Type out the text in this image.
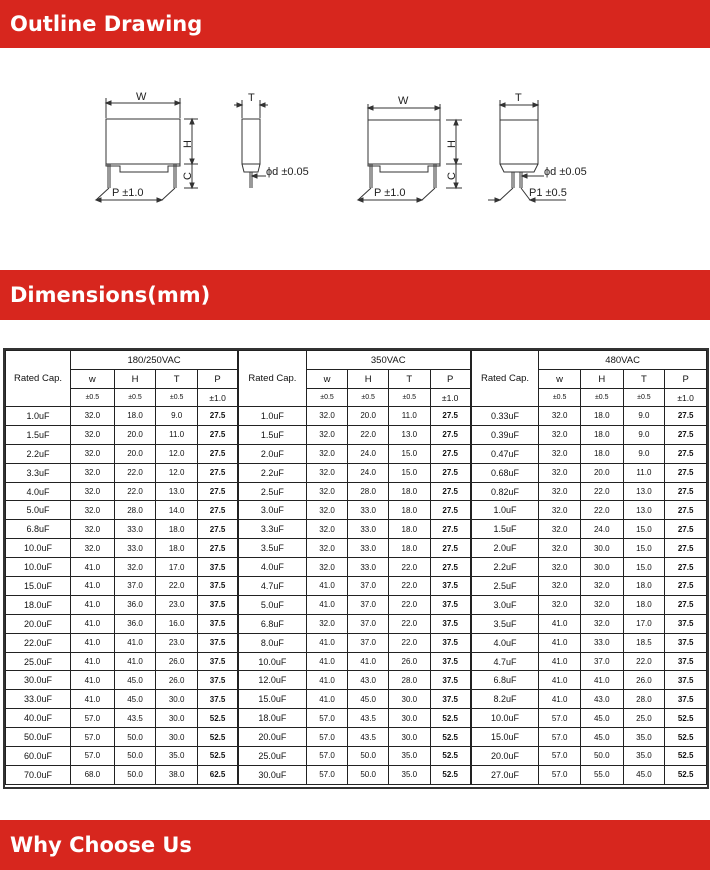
Outline Drawing
W
H
C
P ±1.0
T
ϕd ±0.05
W
H
C
P ±1.0
T
ϕd ±0.05
P1 ±0.5
Dimensions(mm)
Rated Cap.	180/250VAC				Rated Cap.	350VAC				Rated Cap.	480VAC			
	w	H	T	P		w	H	T	P		w	H	T	P
	±0.5	±0.5	±0.5	±1.0		±0.5	±0.5	±0.5	±1.0		±0.5	±0.5	±0.5	±1.0
1.0uF	32.0	18.0	9.0	27.5	1.0uF	32.0	20.0	11.0	27.5	0.33uF	32.0	18.0	9.0	27.5
1.5uF	32.0	20.0	11.0	27.5	1.5uF	32.0	22.0	13.0	27.5	0.39uF	32.0	18.0	9.0	27.5
2.2uF	32.0	20.0	12.0	27.5	2.0uF	32.0	24.0	15.0	27.5	0.47uF	32.0	18.0	9.0	27.5
3.3uF	32.0	22.0	12.0	27.5	2.2uF	32.0	24.0	15.0	27.5	0.68uF	32.0	20.0	11.0	27.5
4.0uF	32.0	22.0	13.0	27.5	2.5uF	32.0	28.0	18.0	27.5	0.82uF	32.0	22.0	13.0	27.5
5.0uF	32.0	28.0	14.0	27.5	3.0uF	32.0	33.0	18.0	27.5	1.0uF	32.0	22.0	13.0	27.5
6.8uF	32.0	33.0	18.0	27.5	3.3uF	32.0	33.0	18.0	27.5	1.5uF	32.0	24.0	15.0	27.5
10.0uF	32.0	33.0	18.0	27.5	3.5uF	32.0	33.0	18.0	27.5	2.0uF	32.0	30.0	15.0	27.5
10.0uF	41.0	32.0	17.0	37.5	4.0uF	32.0	33.0	22.0	27.5	2.2uF	32.0	30.0	15.0	27.5
15.0uF	41.0	37.0	22.0	37.5	4.7uF	41.0	37.0	22.0	37.5	2.5uF	32.0	32.0	18.0	27.5
18.0uF	41.0	36.0	23.0	37.5	5.0uF	41.0	37.0	22.0	37.5	3.0uF	32.0	32.0	18.0	27.5
20.0uF	41.0	36.0	16.0	37.5	6.8uF	32.0	37.0	22.0	37.5	3.5uF	41.0	32.0	17.0	37.5
22.0uF	41.0	41.0	23.0	37.5	8.0uF	41.0	37.0	22.0	37.5	4.0uF	41.0	33.0	18.5	37.5
25.0uF	41.0	41.0	26.0	37.5	10.0uF	41.0	41.0	26.0	37.5	4.7uF	41.0	37.0	22.0	37.5
30.0uF	41.0	45.0	26.0	37.5	12.0uF	41.0	43.0	28.0	37.5	6.8uF	41.0	41.0	26.0	37.5
33.0uF	41.0	45.0	30.0	37.5	15.0uF	41.0	45.0	30.0	37.5	8.2uF	41.0	43.0	28.0	37.5
40.0uF	57.0	43.5	30.0	52.5	18.0uF	57.0	43.5	30.0	52.5	10.0uF	57.0	45.0	25.0	52.5
50.0uF	57.0	50.0	30.0	52.5	20.0uF	57.0	43.5	30.0	52.5	15.0uF	57.0	45.0	35.0	52.5
60.0uF	57.0	50.0	35.0	52.5	25.0uF	57.0	50.0	35.0	52.5	20.0uF	57.0	50.0	35.0	52.5
70.0uF	68.0	50.0	38.0	62.5	30.0uF	57.0	50.0	35.0	52.5	27.0uF	57.0	55.0	45.0	52.5
Why Choose Us
